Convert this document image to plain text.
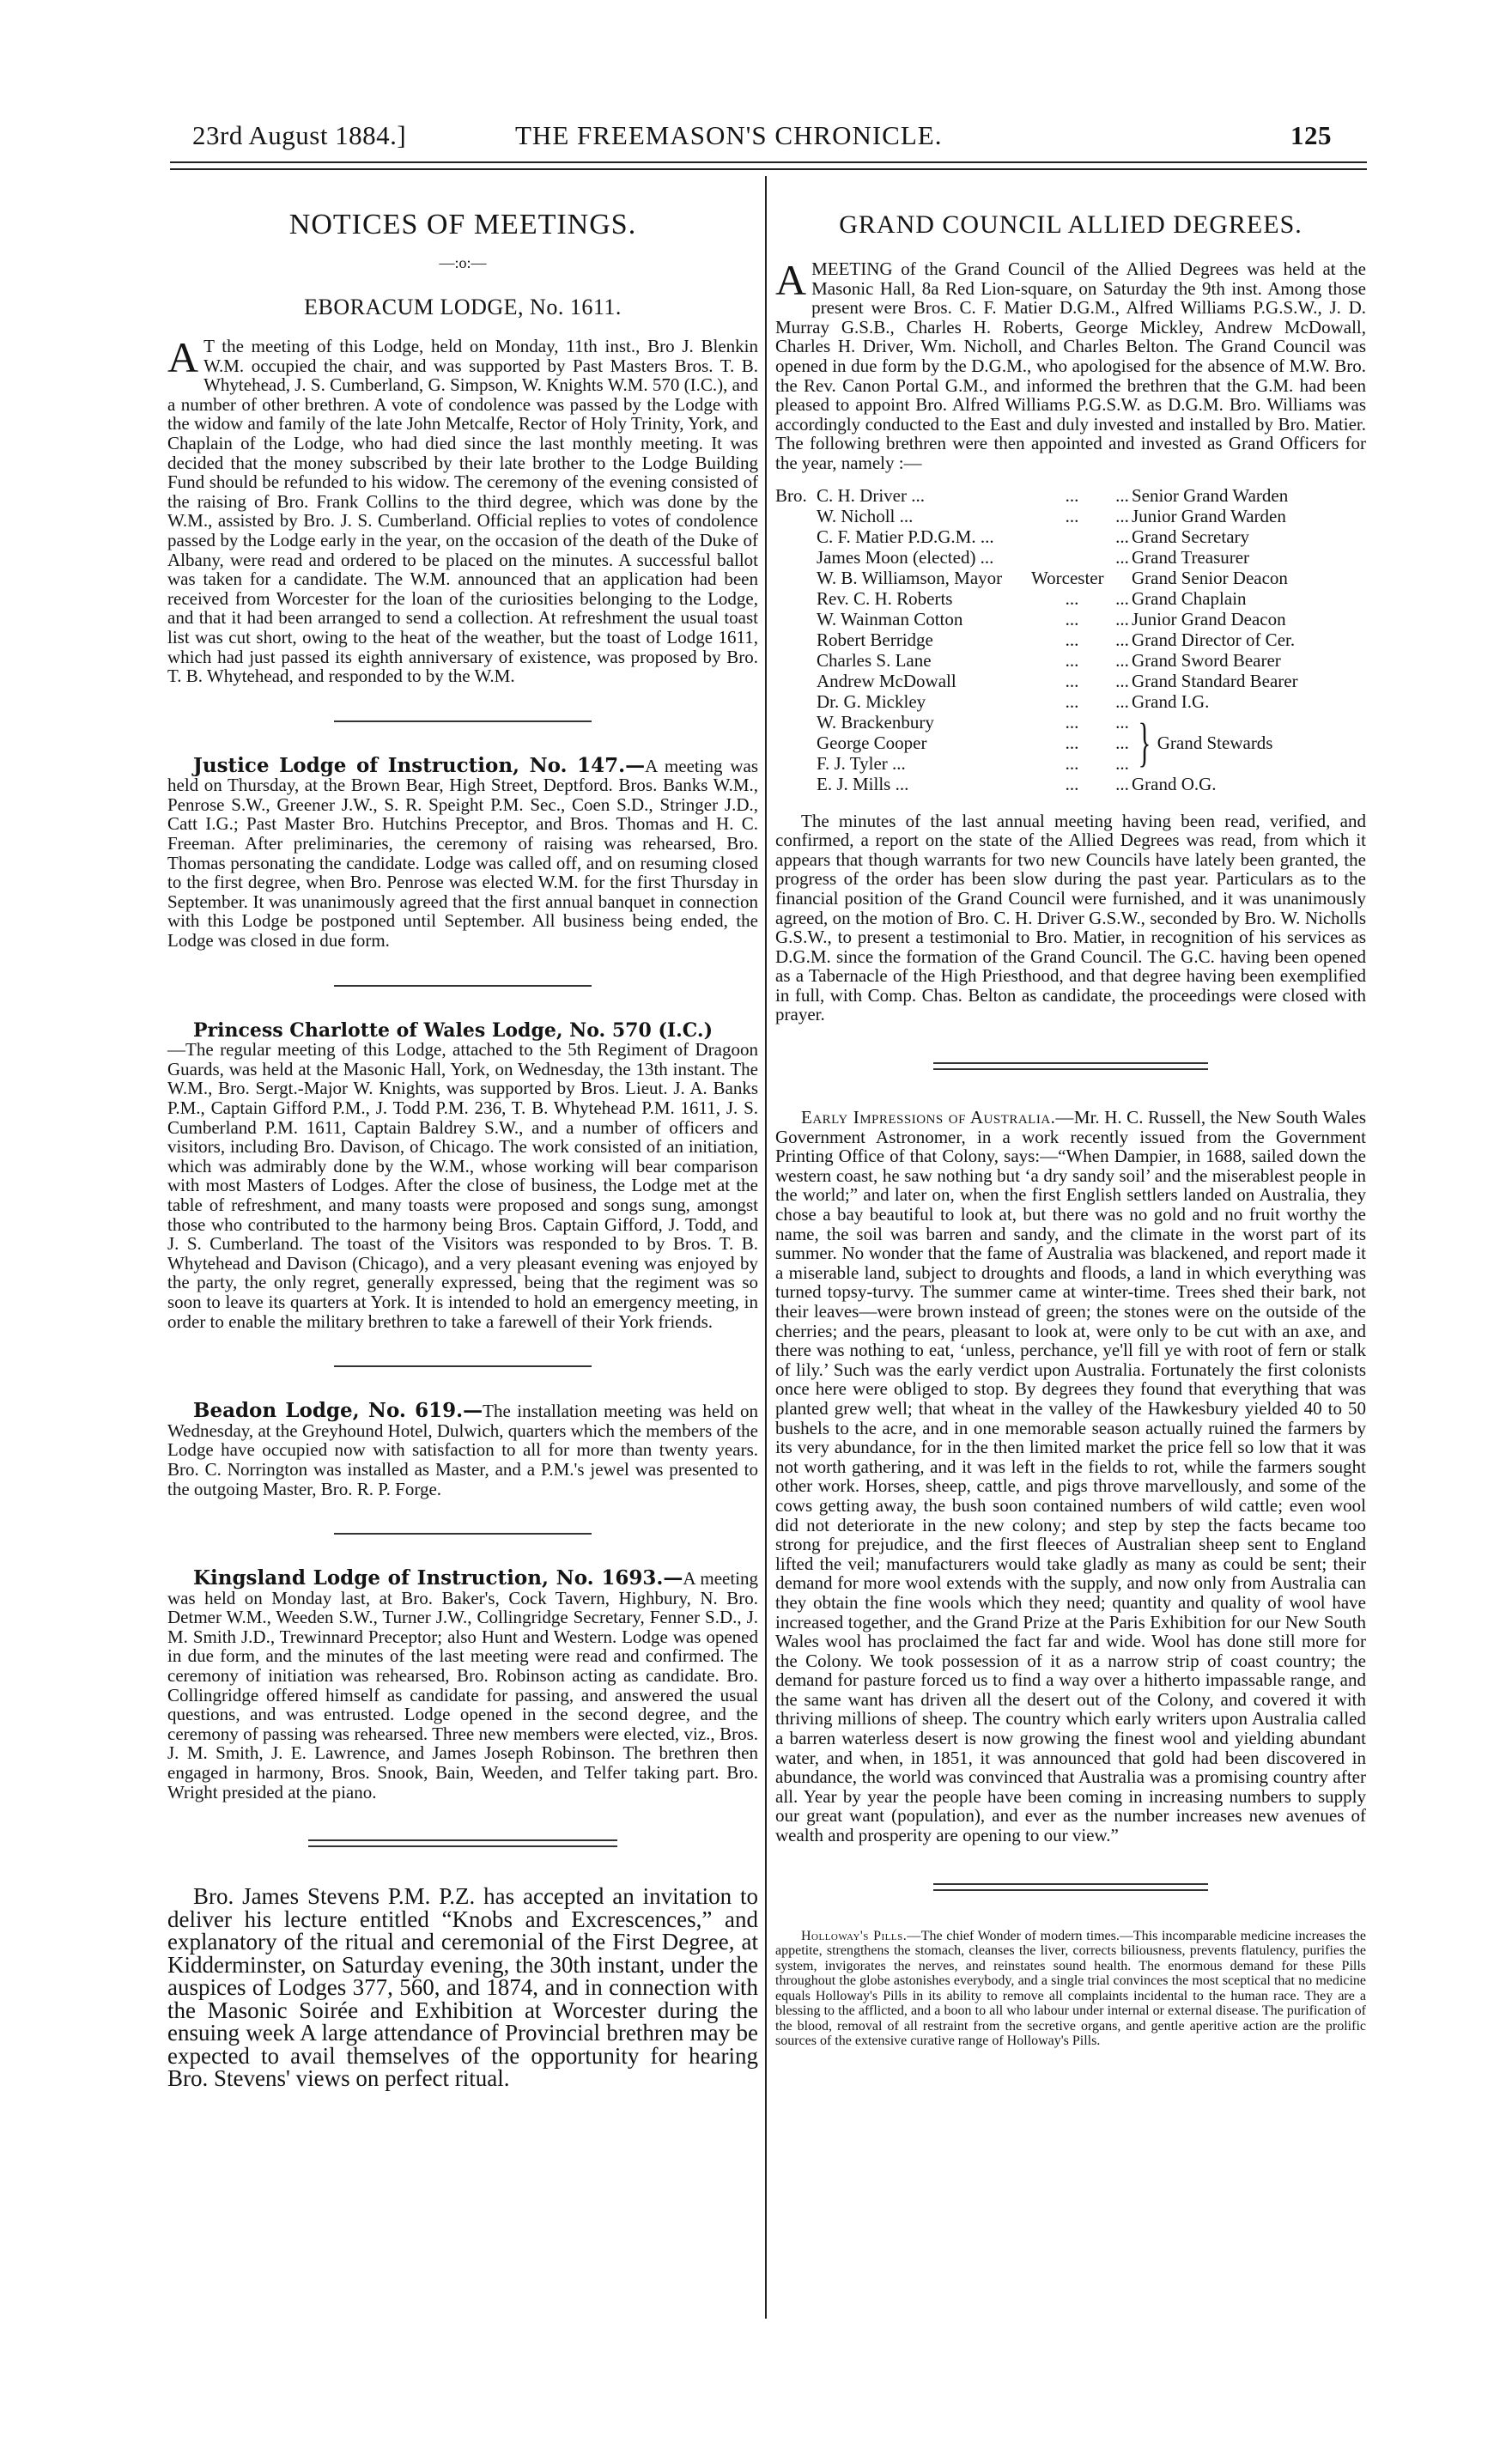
23rd August 1884.]	THE FREEMASON'S CHRONICLE.	125
NOTICES OF MEETINGS.
—:o:—
EBORACUM LODGE, No. 1611.

A T the meeting of this Lodge, held on Monday, 11th inst., Bro J. Blenkin W.M. occupied the chair, and was supported by Past Masters Bros. T. B. Whytehead, J. S. Cumberland, G. Simpson, W. Knights W.M. 570 (I.C.), and a number of other brethren. A vote of condolence was passed by the Lodge with the widow and family of the late John Metcalfe, Rector of Holy Trinity, York, and Chaplain of the Lodge, who had died since the last monthly meeting. It was decided that the money subscribed by their late brother to the Lodge Building Fund should be refunded to his widow. The ceremony of the evening consisted of the raising of Bro. Frank Collins to the third degree, which was done by the W.M., assisted by Bro. J. S. Cumberland. Official replies to votes of condolence passed by the Lodge early in the year, on the occasion of the death of the Duke of Albany, were read and ordered to be placed on the minutes. A successful ballot was taken for a candidate. The W.M. announced that an application had been received from Worcester for the loan of the curiosities belonging to the Lodge, and that it had been arranged to send a collection. At refreshment the usual toast list was cut short, owing to the heat of the weather, but the toast of Lodge 1611, which had just passed its eighth anniversary of existence, was proposed by Bro. T. B. Whytehead, and responded to by the W.M.

Justice Lodge of Instruction, No. 147.—A meeting was held on Thursday, at the Brown Bear, High Street, Deptford. Bros. Banks W.M., Penrose S.W., Greener J.W., S. R. Speight P.M. Sec., Coen S.D., Stringer J.D., Catt I.G.; Past Master Bro. Hutchins Preceptor, and Bros. Thomas and H. C. Freeman. After preliminaries, the ceremony of raising was rehearsed, Bro. Thomas personating the candidate. Lodge was called off, and on resuming closed to the first degree, when Bro. Penrose was elected W.M. for the first Thursday in September. It was unanimously agreed that the first annual banquet in connection with this Lodge be postponed until September. All business being ended, the Lodge was closed in due form.

Princess Charlotte of Wales Lodge, No. 570 (I.C.)
—The regular meeting of this Lodge, attached to the 5th Regiment of Dragoon Guards, was held at the Masonic Hall, York, on Wednesday, the 13th instant. The W.M., Bro. Sergt.-Major W. Knights, was supported by Bros. Lieut. J. A. Banks P.M., Captain Gifford P.M., J. Todd P.M. 236, T. B. Whytehead P.M. 1611, J. S. Cumberland P.M. 1611, Captain Baldrey S.W., and a number of officers and visitors, including Bro. Davison, of Chicago. The work consisted of an initiation, which was admirably done by the W.M., whose working will bear comparison with most Masters of Lodges. After the close of business, the Lodge met at the table of refreshment, and many toasts were proposed and songs sung, amongst those who contributed to the harmony being Bros. Captain Gifford, J. Todd, and J. S. Cumberland. The toast of the Visitors was responded to by Bros. T. B. Whytehead and Davison (Chicago), and a very pleasant evening was enjoyed by the party, the only regret, generally expressed, being that the regiment was so soon to leave its quarters at York. It is intended to hold an emergency meeting, in order to enable the military brethren to take a farewell of their York friends.

Beadon Lodge, No. 619.—The installation meeting was held on Wednesday, at the Greyhound Hotel, Dulwich, quarters which the members of the Lodge have occupied now with satisfaction to all for more than twenty years. Bro. C. Norrington was installed as Master, and a P.M.'s jewel was presented to the outgoing Master, Bro. R. P. Forge.

Kingsland Lodge of Instruction, No. 1693.—A meeting was held on Monday last, at Bro. Baker's, Cock Tavern, Highbury, N. Bro. Detmer W.M., Weeden S.W., Turner J.W., Collingridge Secretary, Fenner S.D., J. M. Smith J.D., Trewinnard Preceptor; also Hunt and Western. Lodge was opened in due form, and the minutes of the last meeting were read and confirmed. The ceremony of initiation was rehearsed, Bro. Robinson acting as candidate. Bro. Collingridge offered himself as candidate for passing, and answered the usual questions, and was entrusted. Lodge opened in the second degree, and the ceremony of passing was rehearsed. Three new members were elected, viz., Bros. J. M. Smith, J. E. Lawrence, and James Joseph Robinson. The brethren then engaged in harmony, Bros. Snook, Bain, Weeden, and Telfer taking part. Bro. Wright presided at the piano.

Bro. James Stevens P.M. P.Z. has accepted an invitation to deliver his lecture entitled “Knobs and Excrescences,” and explanatory of the ritual and ceremonial of the First Degree, at Kidderminster, on Saturday evening, the 30th instant, under the auspices of Lodges 377, 560, and 1874, and in connection with the Masonic Soirée and Exhibition at Worcester during the ensuing week A large attendance of Provincial brethren may be expected to avail themselves of the opportunity for hearing Bro. Stevens' views on perfect ritual.

GRAND COUNCIL ALLIED DEGREES.

AMEETING of the Grand Council of the Allied Degrees was held at the Masonic Hall, 8a Red Lion-square, on Saturday the 9th inst. Among those present were Bros. C. F. Matier D.G.M., Alfred Williams P.G.S.W., J. D. Murray G.S.B., Charles H. Roberts, George Mickley, Andrew McDowall, Charles H. Driver, Wm. Nicholl, and Charles Belton. The Grand Council was opened in due form by the D.G.M., who apologised for the absence of M.W. Bro. the Rev. Canon Portal G.M., and informed the brethren that the G.M. had been pleased to appoint Bro. Alfred Williams P.G.S.W. as D.G.M. Bro. Williams was accordingly conducted to the East and duly invested and installed by Bro. Matier. The following brethren were then appointed and invested as Grand Officers for the year, namely :—

Bro. C. H. Driver ...	...	... Senior Grand Warden
W. Nicholl ...	...	... Junior Grand Warden
C. F. Matier P.D.G.M. ...	... Grand Secretary
James Moon (elected) ...	... Grand Treasurer
W. B. Williamson, Mayor	Worcester	Grand Senior Deacon
Rev. C. H. Roberts	...	... Grand Chaplain
W. Wainman Cotton	...	... Junior Grand Deacon
Robert Berridge	...	... Grand Director of Cer.
Charles S. Lane	...	... Grand Sword Bearer
Andrew McDowall	...	... Grand Standard Bearer
Dr. G. Mickley	...	... Grand I.G.
W. Brackenbury	...	... } Grand Stewards
George Cooper	...	...
F. J. Tyler ...	...	...
E. J. Mills ...	...	... Grand O.G.

The minutes of the last annual meeting having been read, verified, and confirmed, a report on the state of the Allied Degrees was read, from which it appears that though warrants for two new Councils have lately been granted, the progress of the order has been slow during the past year. Particulars as to the financial position of the Grand Council were furnished, and it was unanimously agreed, on the motion of Bro. C. H. Driver G.S.W., seconded by Bro. W. Nicholls G.S.W., to present a testimonial to Bro. Matier, in recognition of his services as D.G.M. since the formation of the Grand Council. The G.C. having been opened as a Tabernacle of the High Priesthood, and that degree having been exemplified in full, with Comp. Chas. Belton as candidate, the proceedings were closed with prayer.

Early Impressions of Australia.—Mr. H. C. Russell, the New South Wales Government Astronomer, in a work recently issued from the Government Printing Office of that Colony, says:—“When Dampier, in 1688, sailed down the western coast, he saw nothing but ‘a dry sandy soil’ and the miserablest people in the world;” and later on, when the first English settlers landed on Australia, they chose a bay beautiful to look at, but there was no gold and no fruit worthy the name, the soil was barren and sandy, and the climate in the worst part of its summer. No wonder that the fame of Australia was blackened, and report made it a miserable land, subject to droughts and floods, a land in which everything was turned topsy-turvy. The summer came at winter-time. Trees shed their bark, not their leaves—were brown instead of green; the stones were on the outside of the cherries; and the pears, pleasant to look at, were only to be cut with an axe, and there was nothing to eat, ‘unless, perchance, ye'll fill ye with root of fern or stalk of lily.’ Such was the early verdict upon Australia. Fortunately the first colonists once here were obliged to stop. By degrees they found that everything that was planted grew well; that wheat in the valley of the Hawkesbury yielded 40 to 50 bushels to the acre, and in one memorable season actually ruined the farmers by its very abundance, for in the then limited market the price fell so low that it was not worth gathering, and it was left in the fields to rot, while the farmers sought other work. Horses, sheep, cattle, and pigs throve marvellously, and some of the cows getting away, the bush soon contained numbers of wild cattle; even wool did not deteriorate in the new colony; and step by step the facts became too strong for prejudice, and the first fleeces of Australian sheep sent to England lifted the veil; manufacturers would take gladly as many as could be sent; their demand for more wool extends with the supply, and now only from Australia can they obtain the fine wools which they need; quantity and quality of wool have increased together, and the Grand Prize at the Paris Exhibition for our New South Wales wool has proclaimed the fact far and wide. Wool has done still more for the Colony. We took possession of it as a narrow strip of coast country; the demand for pasture forced us to find a way over a hitherto impassable range, and the same want has driven all the desert out of the Colony, and covered it with thriving millions of sheep. The country which early writers upon Australia called a barren waterless desert is now growing the finest wool and yielding abundant water, and when, in 1851, it was announced that gold had been discovered in abundance, the world was convinced that Australia was a promising country after all. Year by year the people have been coming in increasing numbers to supply our great want (population), and ever as the number increases new avenues of wealth and prosperity are opening to our view.”

Holloway's Pills.—The chief Wonder of modern times.—This incomparable medicine increases the appetite, strengthens the stomach, cleanses the liver, corrects biliousness, prevents flatulency, purifies the system, invigorates the nerves, and reinstates sound health. The enormous demand for these Pills throughout the globe astonishes everybody, and a single trial convinces the most sceptical that no medicine equals Holloway's Pills in its ability to remove all complaints incidental to the human race. They are a blessing to the afflicted, and a boon to all who labour under internal or external disease. The purification of the blood, removal of all restraint from the secretive organs, and gentle aperitive action are the prolific sources of the extensive curative range of Holloway's Pills.
